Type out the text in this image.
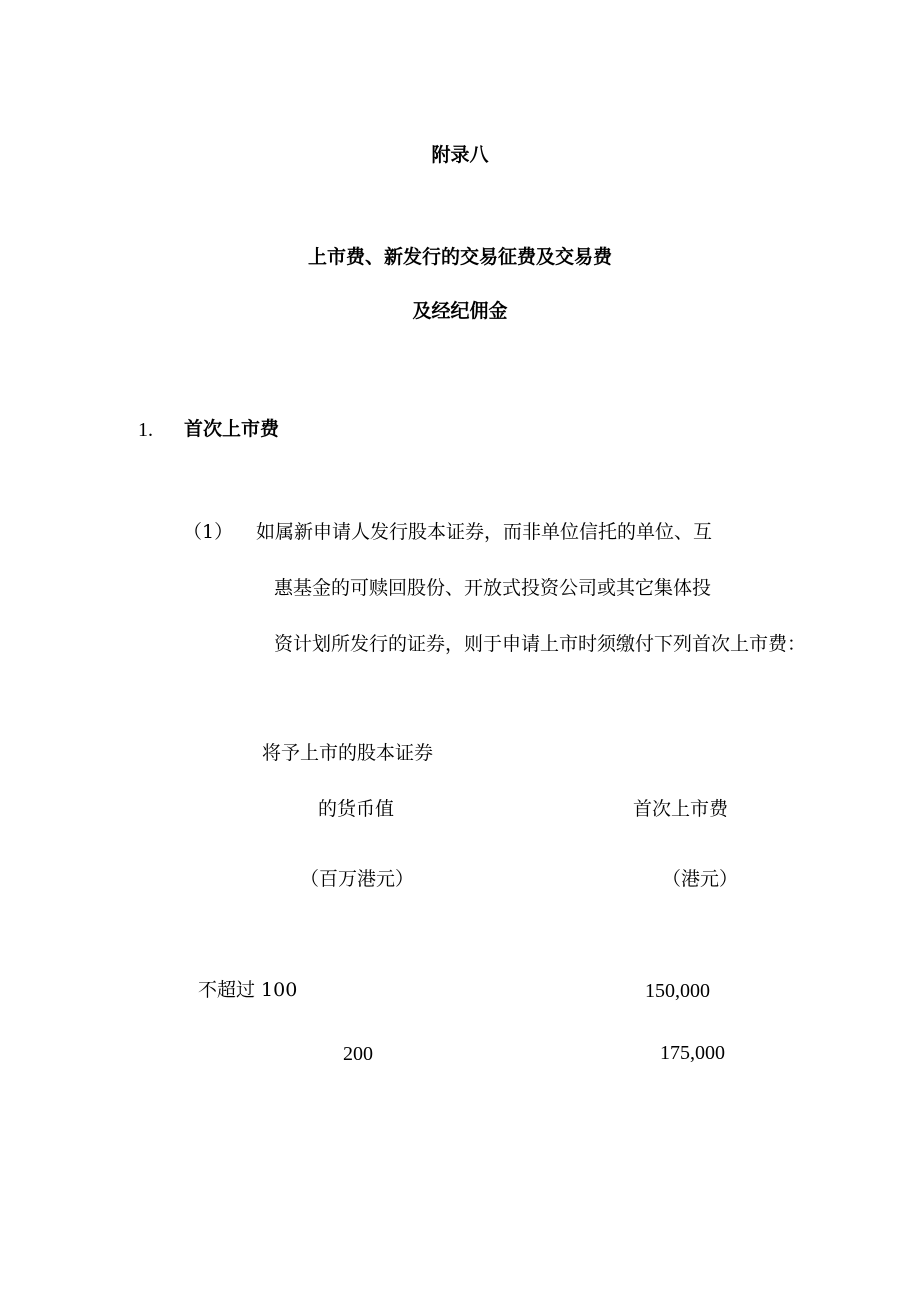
附录八
上市费、新发行的交易征费及交易费
及经纪佣金
1. 首次上市费
（1） 如属新申请人发行股本证券，而非单位信托的单位、互
惠基金的可赎回股份、开放式投资公司或其它集体投
资计划所发行的证券，则于申请上市时须缴付下列首次上市费：
将予上市的股本证券
的货币值	首次上市费
（百万港元）	（港元）
不超过 100	150,000
200	175,000
